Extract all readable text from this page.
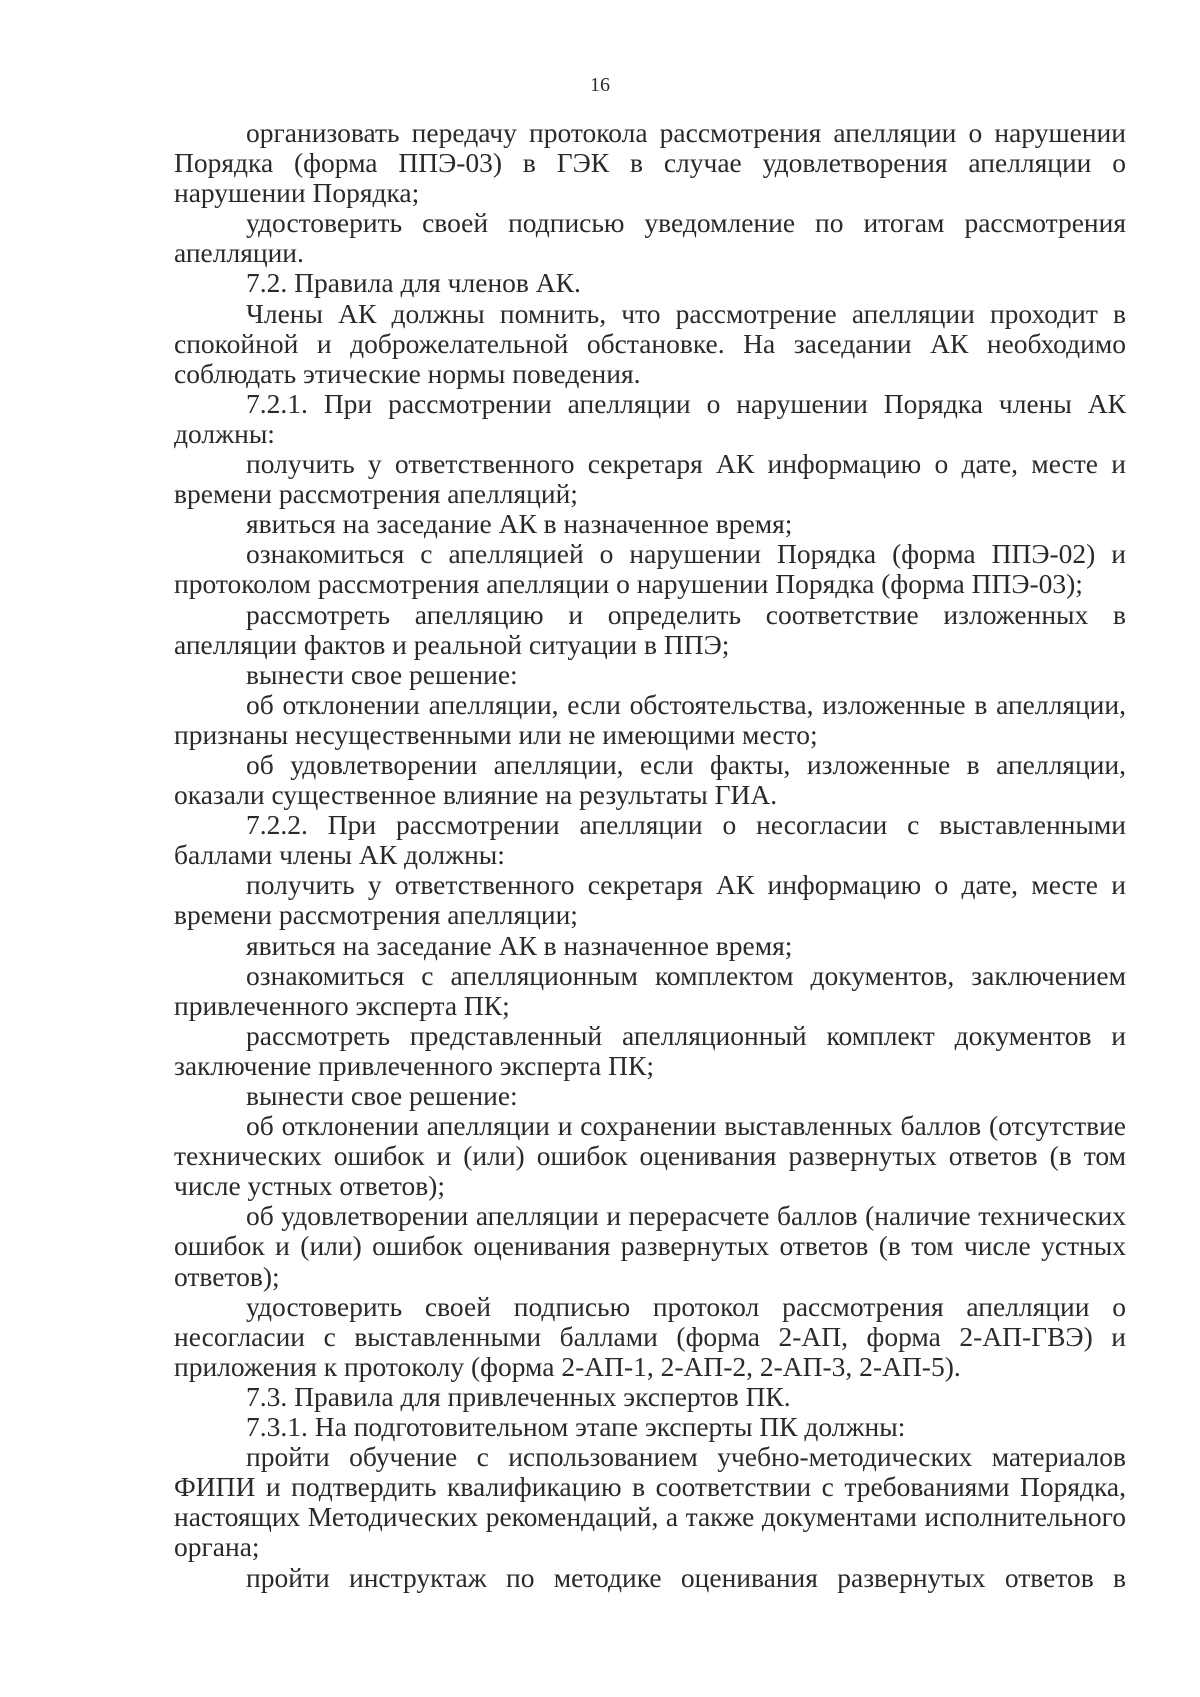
16

организовать передачу протокола рассмотрения апелляции о нарушении Порядка (форма ППЭ-03) в ГЭК в случае удовлетворения апелляции о нарушении Порядка;

удостоверить своей подписью уведомление по итогам рассмотрения апелляции.

7.2. Правила для членов АК.

Члены АК должны помнить, что рассмотрение апелляции проходит в спокойной и доброжелательной обстановке. На заседании АК необходимо соблюдать этические нормы поведения.

7.2.1. При рассмотрении апелляции о нарушении Порядка члены АК должны:

получить у ответственного секретаря АК информацию о дате, месте и времени рассмотрения апелляций;

явиться на заседание АК в назначенное время;

ознакомиться с апелляцией о нарушении Порядка (форма ППЭ-02) и протоколом рассмотрения апелляции о нарушении Порядка (форма ППЭ-03);

рассмотреть апелляцию и определить соответствие изложенных в апелляции фактов и реальной ситуации в ППЭ;

вынести свое решение:

об отклонении апелляции, если обстоятельства, изложенные в апелляции, признаны несущественными или не имеющими место;

об удовлетворении апелляции, если факты, изложенные в апелляции, оказали существенное влияние на результаты ГИА.

7.2.2. При рассмотрении апелляции о несогласии с выставленными баллами члены АК должны:

получить у ответственного секретаря АК информацию о дате, месте и времени рассмотрения апелляции;

явиться на заседание АК в назначенное время;

ознакомиться с апелляционным комплектом документов, заключением привлеченного эксперта ПК;

рассмотреть представленный апелляционный комплект документов и заключение привлеченного эксперта ПК;

вынести свое решение:

об отклонении апелляции и сохранении выставленных баллов (отсутствие технических ошибок и (или) ошибок оценивания развернутых ответов (в том числе устных ответов);

об удовлетворении апелляции и перерасчете баллов (наличие технических ошибок и (или) ошибок оценивания развернутых ответов (в том числе устных ответов);

удостоверить своей подписью протокол рассмотрения апелляции о несогласии с выставленными баллами (форма 2-АП, форма 2-АП-ГВЭ) и приложения к протоколу (форма 2-АП-1, 2-АП-2, 2-АП-3, 2-АП-5).

7.3. Правила для привлеченных экспертов ПК.

7.3.1. На подготовительном этапе эксперты ПК должны:

пройти обучение с использованием учебно-методических материалов ФИПИ и подтвердить квалификацию в соответствии с требованиями Порядка, настоящих Методических рекомендаций, а также документами исполнительного органа;

пройти инструктаж по методике оценивания развернутых ответов в
